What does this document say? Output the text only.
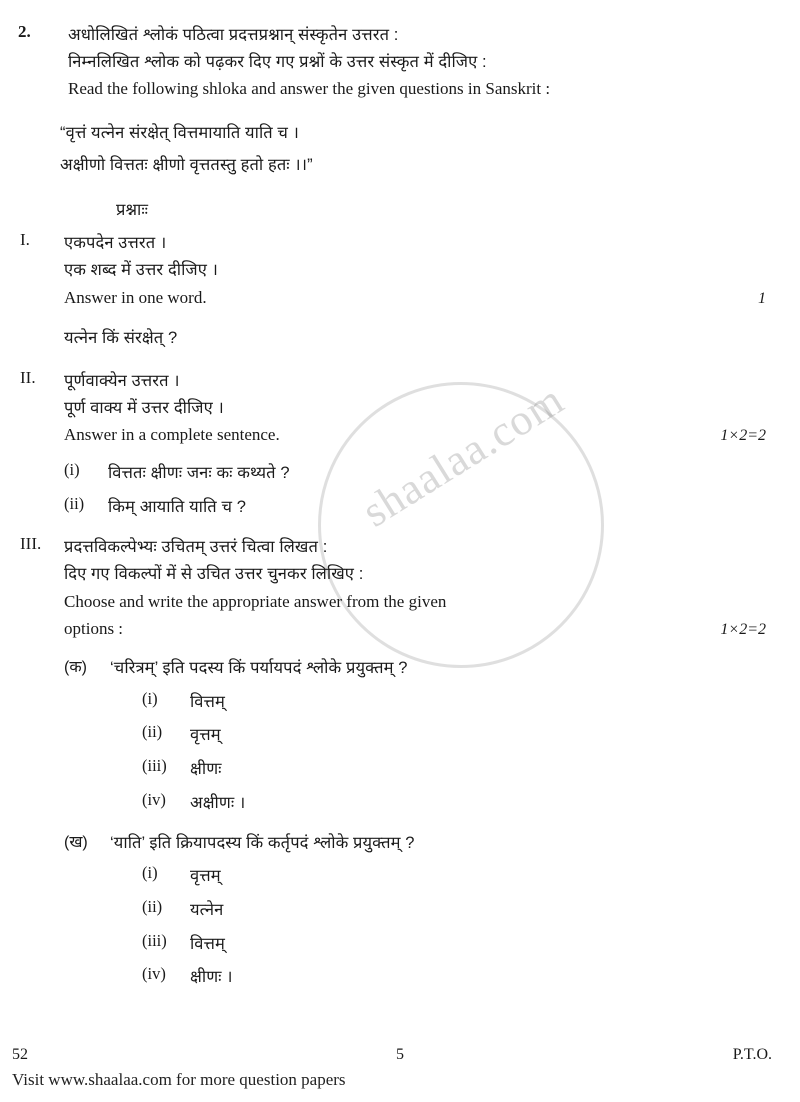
shaalaa.com
2.	अधोलिखितं श्लोकं पठित्वा प्रदत्तप्रश्नान् संस्कृतेन उत्तरत :
निम्नलिखित श्लोक को पढ़कर दिए गए प्रश्नों के उत्तर संस्कृत में दीजिए :
Read the following shloka and answer the given questions in Sanskrit :
“वृत्तं यत्नेन संरक्षेत् वित्तमायाति याति च ।
अक्षीणो वित्ततः क्षीणो वृत्ततस्तु हतो हतः ।।”
प्रश्नाः
I.	एकपदेन उत्तरत ।
एक शब्द में उत्तर दीजिए ।
Answer in one word.	1
यत्नेन किं संरक्षेत् ?
II.	पूर्णवाक्येन उत्तरत ।
पूर्ण वाक्य में उत्तर दीजिए ।
Answer in a complete sentence.	1×2=2
(i)	वित्ततः क्षीणः जनः कः कथ्यते ?
(ii)	किम् आयाति याति च ?
III.	प्रदत्तविकल्पेभ्यः उचितम् उत्तरं चित्वा लिखत :
दिए गए विकल्पों में से उचित उत्तर चुनकर लिखिए :
Choose and write the appropriate answer from the given
options :	1×2=2
(क)	‘चरित्रम्’ इति पदस्य किं पर्यायपदं श्लोके प्रयुक्तम् ?
(i)	वित्तम्
(ii)	वृत्तम्
(iii)	क्षीणः
(iv)	अक्षीणः ।
(ख)	‘याति’ इति क्रियापदस्य किं कर्तृपदं श्लोके प्रयुक्तम् ?
(i)	वृत्तम्
(ii)	यत्नेन
(iii)	वित्तम्
(iv)	क्षीणः ।
52	5	P.T.O.
Visit www.shaalaa.com for more question papers
